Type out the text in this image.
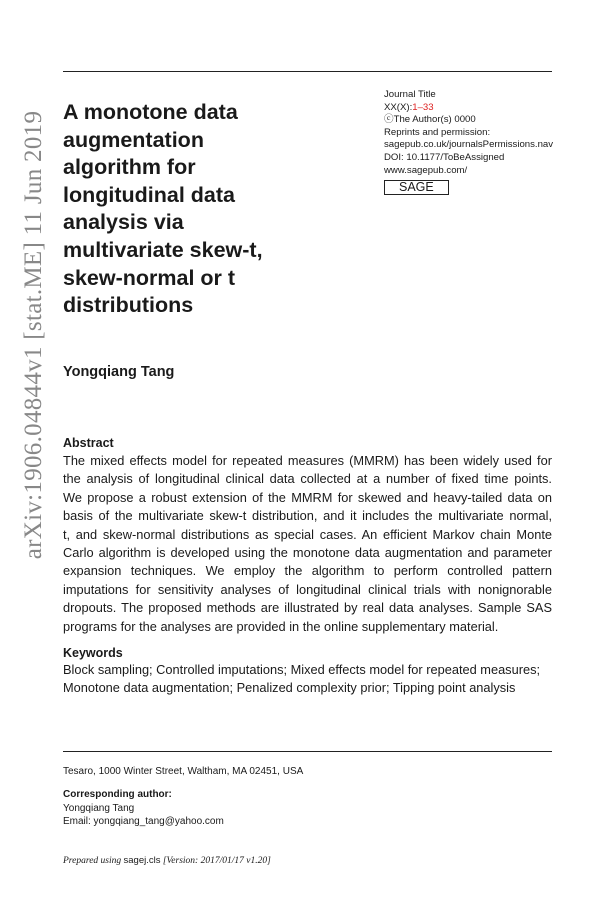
arXiv:1906.04844v1 [stat.ME] 11 Jun 2019 A monotone data
augmentation
algorithm for
longitudinal data
analysis via
multivariate skew-t,
skew-normal or t
distributions
Journal Title
XX(X):1–33
ⓒThe Author(s) 0000
Reprints and permission:
sagepub.co.uk/journalsPermissions.nav
DOI: 10.1177/ToBeAssigned
www.sagepub.com/
SAGE
Yongqiang Tang
Abstract
The mixed effects model for repeated measures (MMRM) has been widely used for
the analysis of longitudinal clinical data collected at a number of fixed time points.
We propose a robust extension of the MMRM for skewed and heavy-tailed data on
basis of the multivariate skew-t distribution, and it includes the multivariate normal,
t, and skew-normal distributions as special cases. An efficient Markov chain Monte
Carlo algorithm is developed using the monotone data augmentation and parameter
expansion techniques. We employ the algorithm to perform controlled pattern
imputations for sensitivity analyses of longitudinal clinical trials with nonignorable
dropouts. The proposed methods are illustrated by real data analyses. Sample SAS
programs for the analyses are provided in the online supplementary material.
Keywords
Block sampling; Controlled imputations; Mixed effects model for repeated measures;
Monotone data augmentation; Penalized complexity prior; Tipping point analysis
Tesaro, 1000 Winter Street, Waltham, MA 02451, USA
Corresponding author:
Yongqiang Tang
Email: yongqiang_tang@yahoo.com
Prepared using sagej.cls [Version: 2017/01/17 v1.20]
